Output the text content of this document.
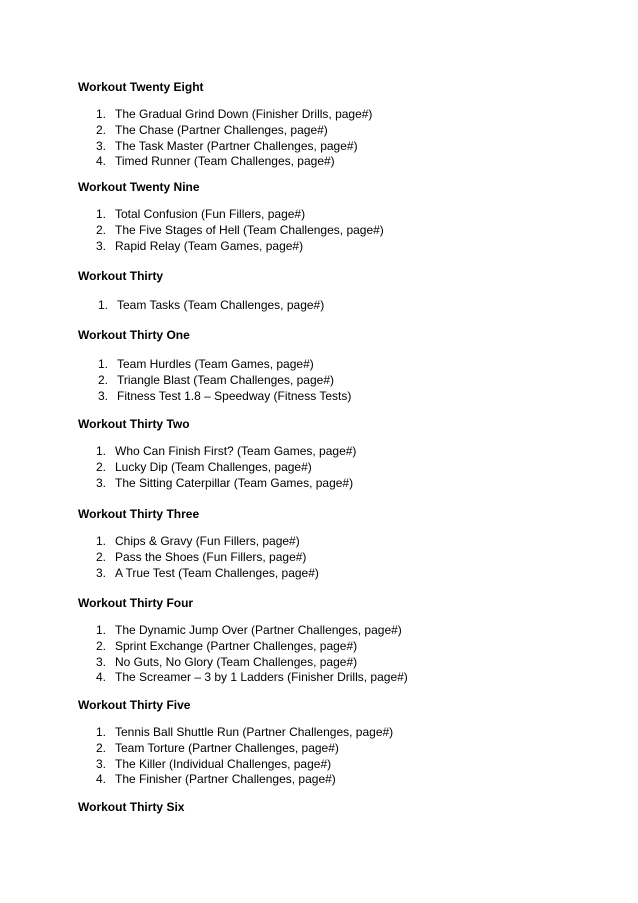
Workout Twenty Eight
1. The Gradual Grind Down (Finisher Drills, page#)
2. The Chase (Partner Challenges, page#)
3. The Task Master (Partner Challenges, page#)
4. Timed Runner (Team Challenges, page#)
Workout Twenty Nine
1. Total Confusion (Fun Fillers, page#)
2. The Five Stages of Hell (Team Challenges, page#)
3. Rapid Relay (Team Games, page#)
Workout Thirty
1. Team Tasks (Team Challenges, page#)
Workout Thirty One
1. Team Hurdles (Team Games, page#)
2. Triangle Blast (Team Challenges, page#)
3. Fitness Test 1.8 – Speedway (Fitness Tests)
Workout Thirty Two
1. Who Can Finish First? (Team Games, page#)
2. Lucky Dip (Team Challenges, page#)
3. The Sitting Caterpillar (Team Games, page#)
Workout Thirty Three
1. Chips & Gravy (Fun Fillers, page#)
2. Pass the Shoes (Fun Fillers, page#)
3. A True Test (Team Challenges, page#)
Workout Thirty Four
1. The Dynamic Jump Over (Partner Challenges, page#)
2. Sprint Exchange (Partner Challenges, page#)
3. No Guts, No Glory (Team Challenges, page#)
4. The Screamer – 3 by 1 Ladders (Finisher Drills, page#)
Workout Thirty Five
1. Tennis Ball Shuttle Run (Partner Challenges, page#)
2. Team Torture (Partner Challenges, page#)
3. The Killer (Individual Challenges, page#)
4. The Finisher (Partner Challenges, page#)
Workout Thirty Six
